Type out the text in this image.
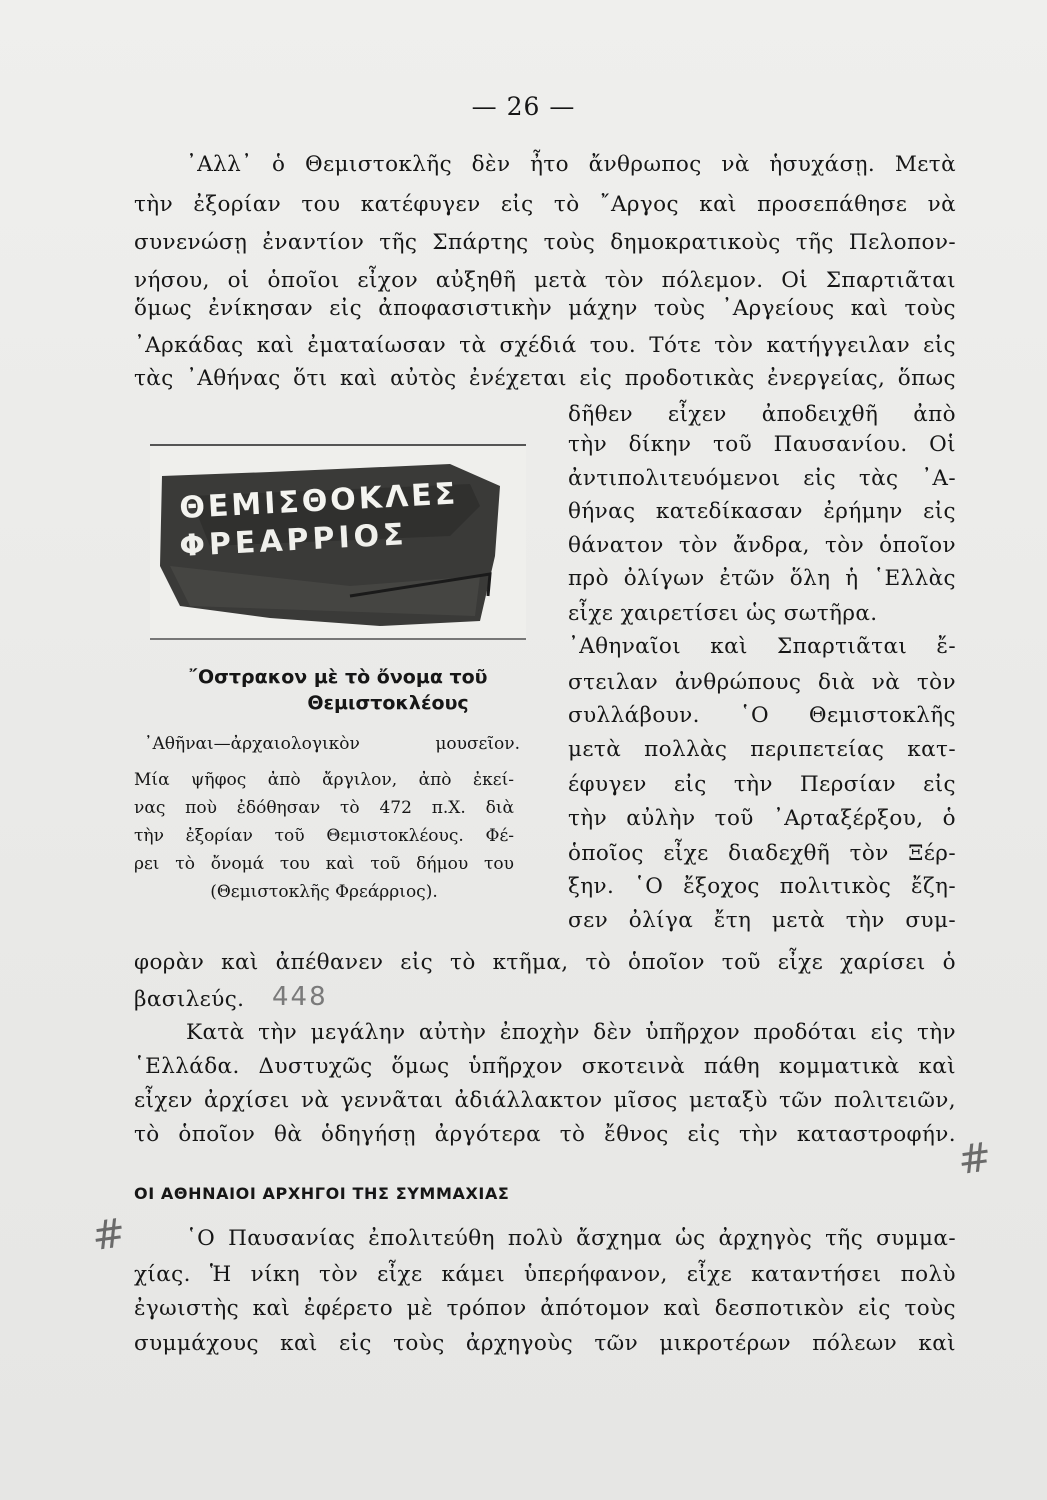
— 26 —
᾿Αλλ᾿ ὁ Θεμιστοκλῆς δὲν ἦτο ἄνθρωπος νὰ ἡσυχάσῃ. Μετὰ
τὴν ἐξορίαν του κατέφυγεν εἰς τὸ ῎Αργος καὶ προσεπάθησε νὰ
συνενώσῃ ἐναντίον τῆς Σπάρτης τοὺς δημοκρατικοὺς τῆς Πελοπον-
νήσου, οἱ ὁποῖοι εἶχον αὐξηθῆ μετὰ τὸν πόλεμον. Οἱ Σπαρτιᾶται
ὅμως ἐνίκησαν εἰς ἀποφασιστικὴν μάχην τοὺς ᾿Αργείους καὶ τοὺς
᾿Αρκάδας καὶ ἐματαίωσαν τὰ σχέδιά του. Τότε τὸν κατήγγειλαν εἰς
τὰς ᾿Αθήνας ὅτι καὶ αὐτὸς ἐνέχεται εἰς προδοτικὰς ἐνεργείας, ὅπως
δῆθεν εἶχεν ἀποδειχθῆ ἀπὸ
τὴν δίκην τοῦ Παυσανίου. Οἱ
ἀντιπολιτευόμενοι εἰς τὰς ᾿Α-
θήνας κατεδίκασαν ἐρήμην εἰς
θάνατον τὸν ἄνδρα, τὸν ὁποῖον
πρὸ ὀλίγων ἐτῶν ὅλη ἡ ῾Ελλὰς
εἶχε χαιρετίσει ὡς σωτῆρα.
᾿Αθηναῖοι καὶ Σπαρτιᾶται ἔ-
στειλαν ἀνθρώπους διὰ νὰ τὸν
συλλάβουν. ῾Ο Θεμιστοκλῆς
μετὰ πολλὰς περιπετείας κατ-
έφυγεν εἰς τὴν Περσίαν εἰς
τὴν αὐλὴν τοῦ ᾿Αρταξέρξου, ὁ
ὁποῖος εἶχε διαδεχθῆ τὸν Ξέρ-
ξην. ῾Ο ἔξοχος πολιτικὸς ἔζη-
σεν ὀλίγα ἔτη μετὰ τὴν συμ-
ΘΕΜΙΣΘΟΚΛΕΣ
ΦΡΕΑΡΡΙΟΣ
῎Οστρακον μὲ τὸ ὄνομα τοῦ
Θεμιστοκλέους
᾿Αθῆναι—ἀρχαιολογικὸν μουσεῖον.
Μία ψῆφος ἀπὸ ἄργιλον, ἀπὸ ἐκεί-
νας ποὺ ἐδόθησαν τὸ 472 π.Χ. διὰ
τὴν ἐξορίαν τοῦ Θεμιστοκλέους. Φέ-
ρει τὸ ὄνομά του καὶ τοῦ δήμου του
(Θεμιστοκλῆς Φρεάρριος).
φορὰν καὶ ἀπέθανεν εἰς τὸ κτῆμα, τὸ ὁποῖον τοῦ εἶχε χαρίσει ὁ
βασιλεύς. 448
Κατὰ τὴν μεγάλην αὐτὴν ἐποχὴν δὲν ὑπῆρχον προδόται εἰς τὴν
῾Ελλάδα. Δυστυχῶς ὅμως ὑπῆρχον σκοτεινὰ πάθη κομματικὰ καὶ
εἶχεν ἀρχίσει νὰ γεννᾶται ἀδιάλλακτον μῖσος μεταξὺ τῶν πολιτειῶν,
τὸ ὁποῖον θὰ ὁδηγήσῃ ἀργότερα τὸ ἔθνος εἰς τὴν καταστροφήν.
#
ΟΙ ΑΘΗΝΑΙΟΙ ΑΡΧΗΓΟΙ ΤΗΣ ΣΥΜΜΑΧΙΑΣ
#	῾Ο Παυσανίας ἐπολιτεύθη πολὺ ἄσχημα ὡς ἀρχηγὸς τῆς συμμα-
χίας. Ἡ νίκη τὸν εἶχε κάμει ὑπερήφανον, εἶχε καταντήσει πολὺ
ἐγωιστὴς καὶ ἐφέρετο μὲ τρόπον ἀπότομον καὶ δεσποτικὸν εἰς τοὺς
συμμάχους καὶ εἰς τοὺς ἀρχηγοὺς τῶν μικροτέρων πόλεων καὶ
